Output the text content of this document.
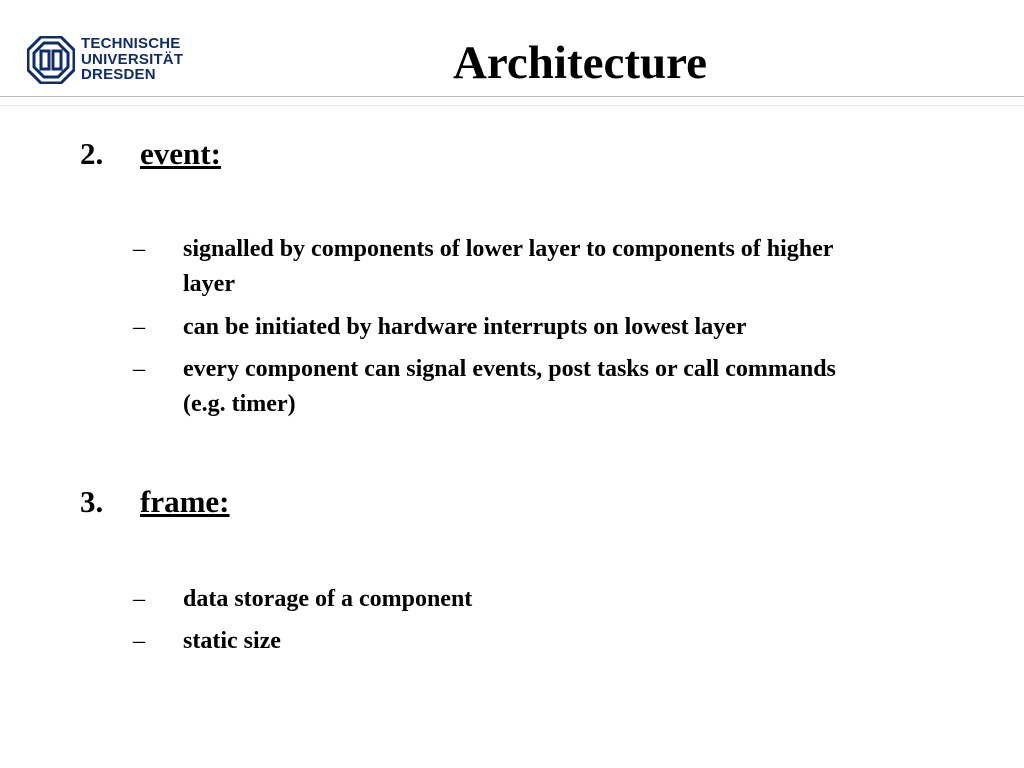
TECHNISCHE
UNIVERSITÄT
DRESDEN	Architecture
2. event:
– signalled by components of lower layer to components of higher layer
– can be initiated by hardware interrupts on lowest layer
– every component can signal events, post tasks or call commands (e.g. timer)
3. frame:
– data storage of a component
– static size
